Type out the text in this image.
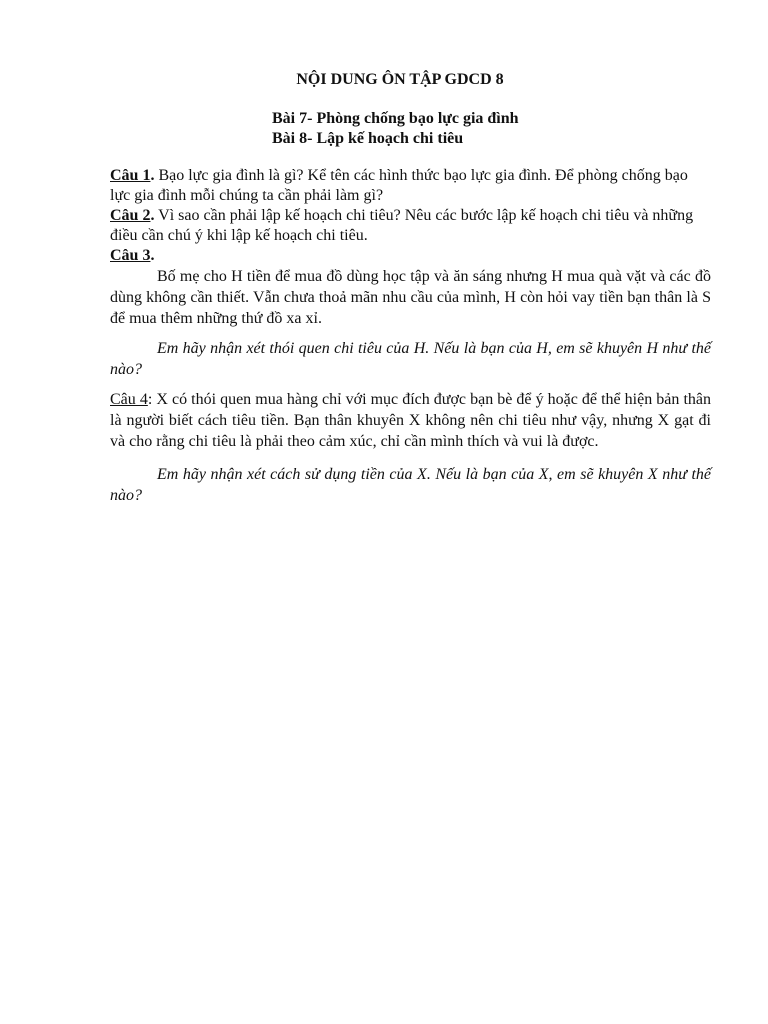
NỘI DUNG ÔN TẬP GDCD 8
Bài 7- Phòng chống bạo lực gia đình
Bài 8- Lập kế hoạch chi tiêu

Câu 1. Bạo lực gia đình là gì? Kể tên các hình thức bạo lực gia đình. Để phòng chống bạo lực gia đình mỗi chúng ta cần phải làm gì?

Câu 2. Vì sao cần phải lập kế hoạch chi tiêu? Nêu các bước lập kế hoạch chi tiêu và những điều cần chú ý khi lập kế hoạch chi tiêu.

Câu 3.

Bố mẹ cho H tiền để mua đồ dùng học tập và ăn sáng nhưng H mua quà vặt và các đồ dùng không cần thiết. Vẫn chưa thoả mãn nhu cầu của mình, H còn hỏi vay tiền bạn thân là S để mua thêm những thứ đồ xa xỉ.

Em hãy nhận xét thói quen chi tiêu của H. Nếu là bạn của H, em sẽ khuyên H như thế nào?

Câu 4: X có thói quen mua hàng chỉ với mục đích được bạn bè để ý hoặc để thể hiện bản thân là người biết cách tiêu tiền. Bạn thân khuyên X không nên chi tiêu như vậy, nhưng X gạt đi và cho rằng chi tiêu là phải theo cảm xúc, chỉ cần mình thích và vui là được.

Em hãy nhận xét cách sử dụng tiền của X. Nếu là bạn của X, em sẽ khuyên X như thế nào?
